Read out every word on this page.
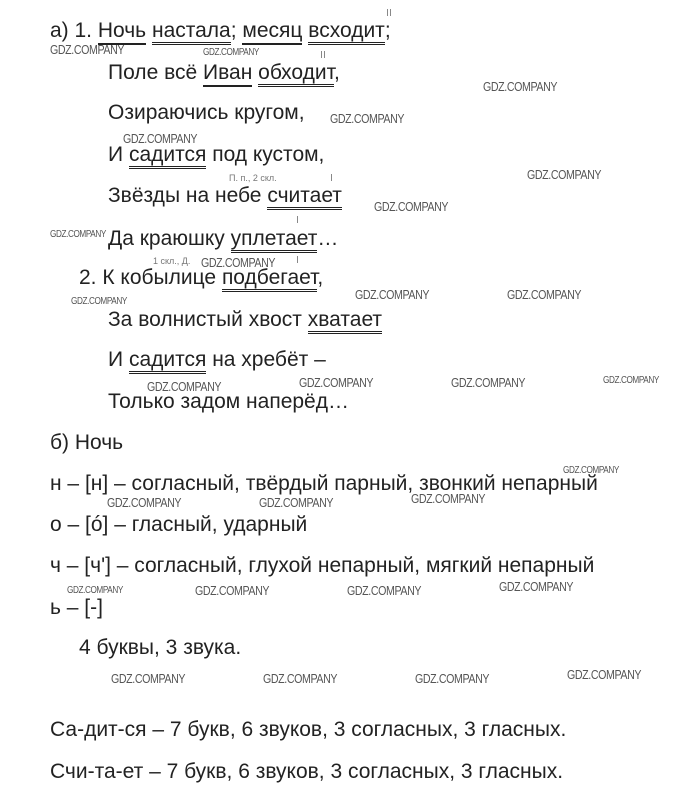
а) 1. Ночь настала; месяц всходит;
Поле всё Иван обходит,
Озираючись кругом,
И садится под кустом,
Звёзды на небе считает
Да краюшку уплетает…
2. К кобылице подбегает,
За волнистый хвост хватает
И садится на хребёт –
Только задом наперёд…
П. п., 2 скл.
1 скл., Д.
б) Ночь
н – [н] – согласный, твёрдый парный, звонкий непарный
о – [ó] – гласный, ударный
ч – [ч'] – согласный, глухой непарный, мягкий непарный
ь – [-]
4 буквы, 3 звука.
Са-дит-ся – 7 букв, 6 звуков, 3 согласных, 3 гласных.
Счи-та-ет – 7 букв, 6 звуков, 3 согласных, 3 гласных.
GDZ.COMPANY	GDZ.COMPANY
GDZ.COMPANY
GDZ.COMPANY
GDZ.COMPANY
GDZ.COMPANY
GDZ.COMPANY
GDZ.COMPANY
GDZ.COMPANY
GDZ.COMPANY	GDZ.COMPANY
GDZ.COMPANY
GDZ.COMPANY	GDZ.COMPANY	GDZ.COMPANY	GDZ.COMPANY
GDZ.COMPANY
GDZ.COMPANY
GDZ.COMPANY	GDZ.COMPANY
GDZ.COMPANY	GDZ.COMPANY	GDZ.COMPANY	GDZ.COMPANY
GDZ.COMPANY	GDZ.COMPANY	GDZ.COMPANY	GDZ.COMPANY
